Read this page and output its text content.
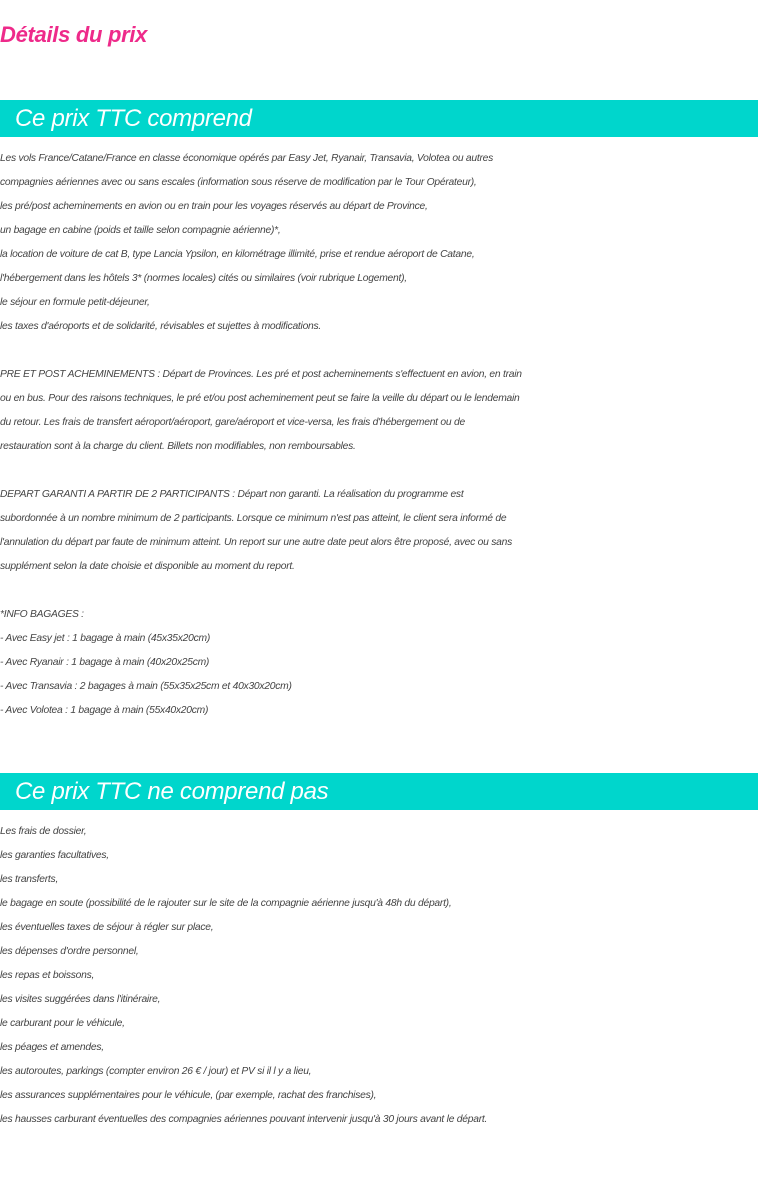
Détails du prix
Ce prix TTC comprend
Les vols France/Catane/France en classe économique opérés par Easy Jet, Ryanair, Transavia, Volotea ou autres
compagnies aériennes avec ou sans escales (information sous réserve de modification par le Tour Opérateur),
les pré/post acheminements en avion ou en train pour les voyages réservés au départ de Province,
un bagage en cabine (poids et taille selon compagnie aérienne)*,
la location de voiture de cat B, type Lancia Ypsilon, en kilométrage illimité, prise et rendue aéroport de Catane,
l'hébergement dans les hôtels 3* (normes locales) cités ou similaires (voir rubrique Logement),
le séjour en formule petit-déjeuner,
les taxes d'aéroports et de solidarité, révisables et sujettes à modifications.
PRE ET POST ACHEMINEMENTS : Départ de Provinces. Les pré et post acheminements s'effectuent en avion, en train
ou en bus. Pour des raisons techniques, le pré et/ou post acheminement peut se faire la veille du départ ou le lendemain
du retour. Les frais de transfert aéroport/aéroport, gare/aéroport et vice-versa, les frais d'hébergement ou de
restauration sont à la charge du client. Billets non modifiables, non remboursables.
DEPART GARANTI A PARTIR DE 2 PARTICIPANTS : Départ non garanti. La réalisation du programme est
subordonnée à un nombre minimum de 2 participants. Lorsque ce minimum n'est pas atteint, le client sera informé de
l'annulation du départ par faute de minimum atteint. Un report sur une autre date peut alors être proposé, avec ou sans
supplément selon la date choisie et disponible au moment du report.
*INFO BAGAGES :
- Avec Easy jet : 1 bagage à main (45x35x20cm)
- Avec Ryanair : 1 bagage à main (40x20x25cm)
- Avec Transavia : 2 bagages à main (55x35x25cm et 40x30x20cm)
- Avec Volotea : 1 bagage à main (55x40x20cm)
Ce prix TTC ne comprend pas
Les frais de dossier,
les garanties facultatives,
les transferts,
le bagage en soute (possibilité de le rajouter sur le site de la compagnie aérienne jusqu'à 48h du départ),
les éventuelles taxes de séjour à régler sur place,
les dépenses d'ordre personnel,
les repas et boissons,
les visites suggérées dans l'itinéraire,
le carburant pour le véhicule,
les péages et amendes,
les autoroutes, parkings (compter environ 26 € / jour) et PV si il l y a lieu,
les assurances supplémentaires pour le véhicule, (par exemple, rachat des franchises),
les hausses carburant éventuelles des compagnies aériennes pouvant intervenir jusqu'à 30 jours avant le départ.
